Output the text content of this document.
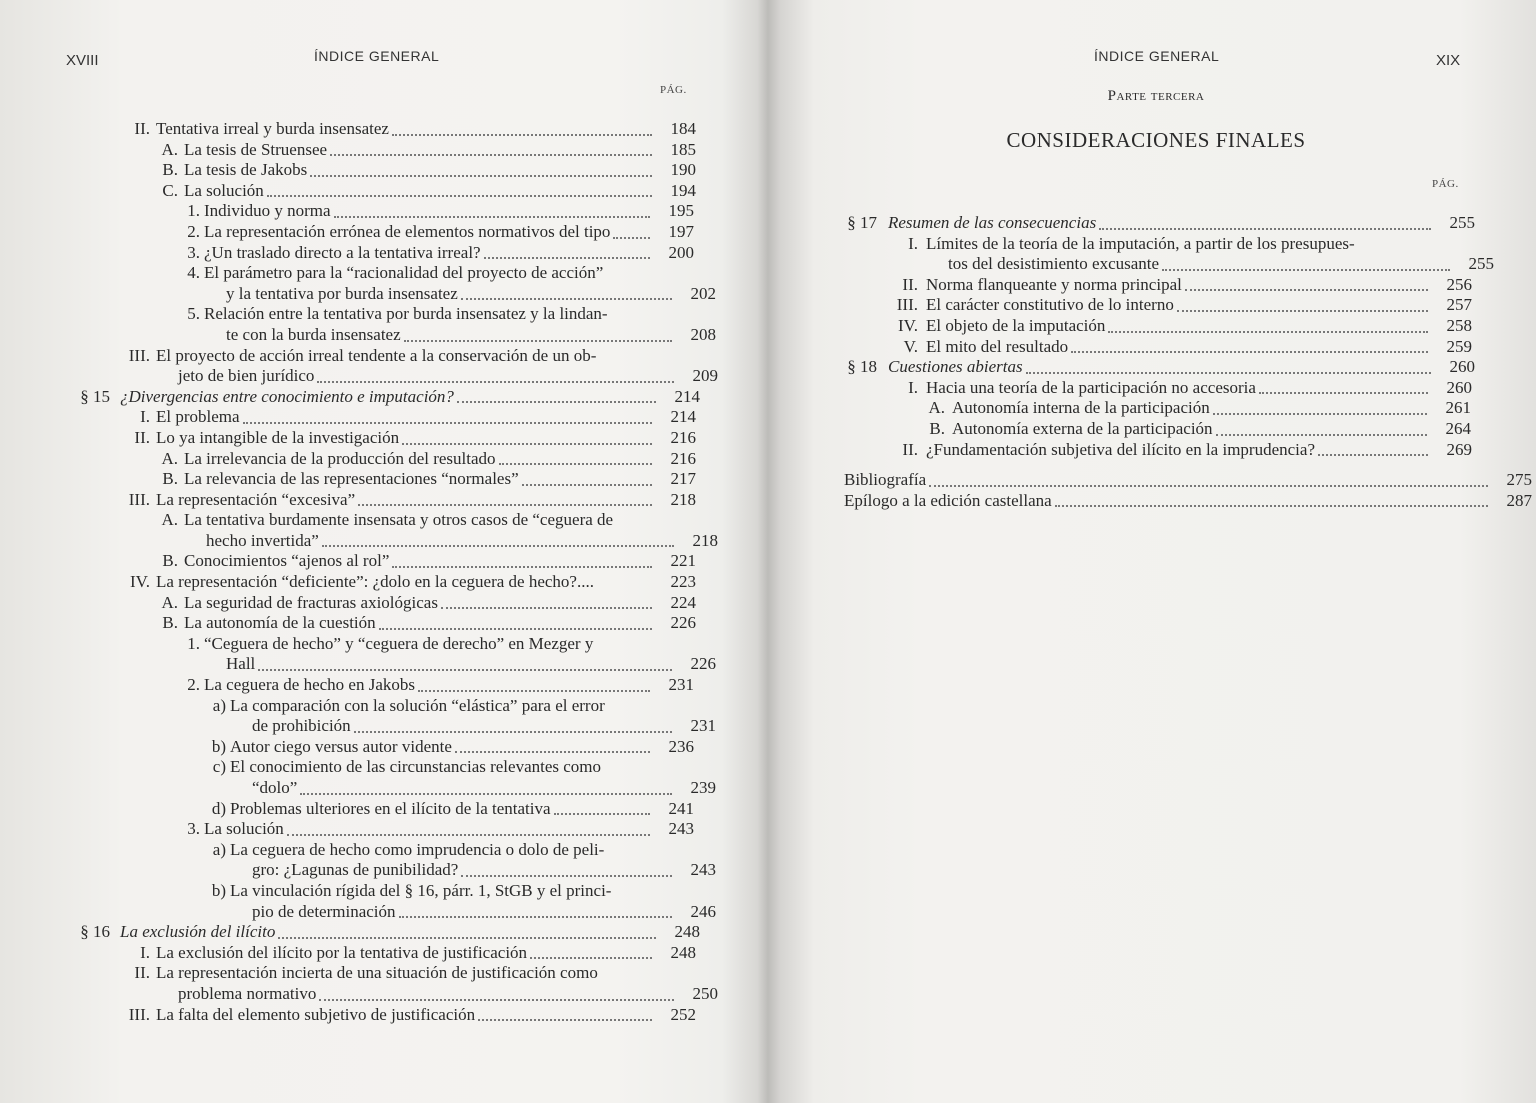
XVIII	ÍNDICE GENERAL
PÁG.
II. Tentativa irreal y burda insensatez	184
A. La tesis de Struensee	185
B. La tesis de Jakobs	190
C. La solución	194
1. Individuo y norma	195
2. La representación errónea de elementos normativos del tipo	197
3. ¿Un traslado directo a la tentativa irreal?	200
4. El parámetro para la “racionalidad del proyecto de acción”
y la tentativa por burda insensatez	202
5. Relación entre la tentativa por burda insensatez y la lindan-
te con la burda insensatez	208
III. El proyecto de acción irreal tendente a la conservación de un ob-
jeto de bien jurídico	209
§ 15 ¿Divergencias entre conocimiento e imputación?	214
I. El problema	214
II. Lo ya intangible de la investigación	216
A. La irrelevancia de la producción del resultado	216
B. La relevancia de las representaciones “normales”	217
III. La representación “excesiva”	218
A. La tentativa burdamente insensata y otros casos de “ceguera de
hecho invertida”	218
B. Conocimientos “ajenos al rol”	221
IV. La representación “deficiente”: ¿dolo en la ceguera de hecho?....	223
A. La seguridad de fracturas axiológicas	224
B. La autonomía de la cuestión	226
1. “Ceguera de hecho” y “ceguera de derecho” en Mezger y
Hall	226
2. La ceguera de hecho en Jakobs	231
a) La comparación con la solución “elástica” para el error
de prohibición	231
b) Autor ciego versus autor vidente	236
c) El conocimiento de las circunstancias relevantes como
“dolo”	239
d) Problemas ulteriores en el ilícito de la tentativa	241
3. La solución	243
a) La ceguera de hecho como imprudencia o dolo de peli-
gro: ¿Lagunas de punibilidad?	243
b) La vinculación rígida del § 16, párr. 1, StGB y el princi-
pio de determinación	246
§ 16 La exclusión del ilícito	248
I. La exclusión del ilícito por la tentativa de justificación	248
II. La representación incierta de una situación de justificación como
problema normativo	250
III. La falta del elemento subjetivo de justificación	252
ÍNDICE GENERAL	XIX
Parte tercera
CONSIDERACIONES FINALES
PÁG.
§ 17 Resumen de las consecuencias	255
I. Límites de la teoría de la imputación, a partir de los presupues-
tos del desistimiento excusante	255
II. Norma flanqueante y norma principal	256
III. El carácter constitutivo de lo interno	257
IV. El objeto de la imputación	258
V. El mito del resultado	259
§ 18 Cuestiones abiertas	260
I. Hacia una teoría de la participación no accesoria	260
A. Autonomía interna de la participación	261
B. Autonomía externa de la participación	264
II. ¿Fundamentación subjetiva del ilícito en la imprudencia?	269
Bibliografía	275
Epílogo a la edición castellana	287
